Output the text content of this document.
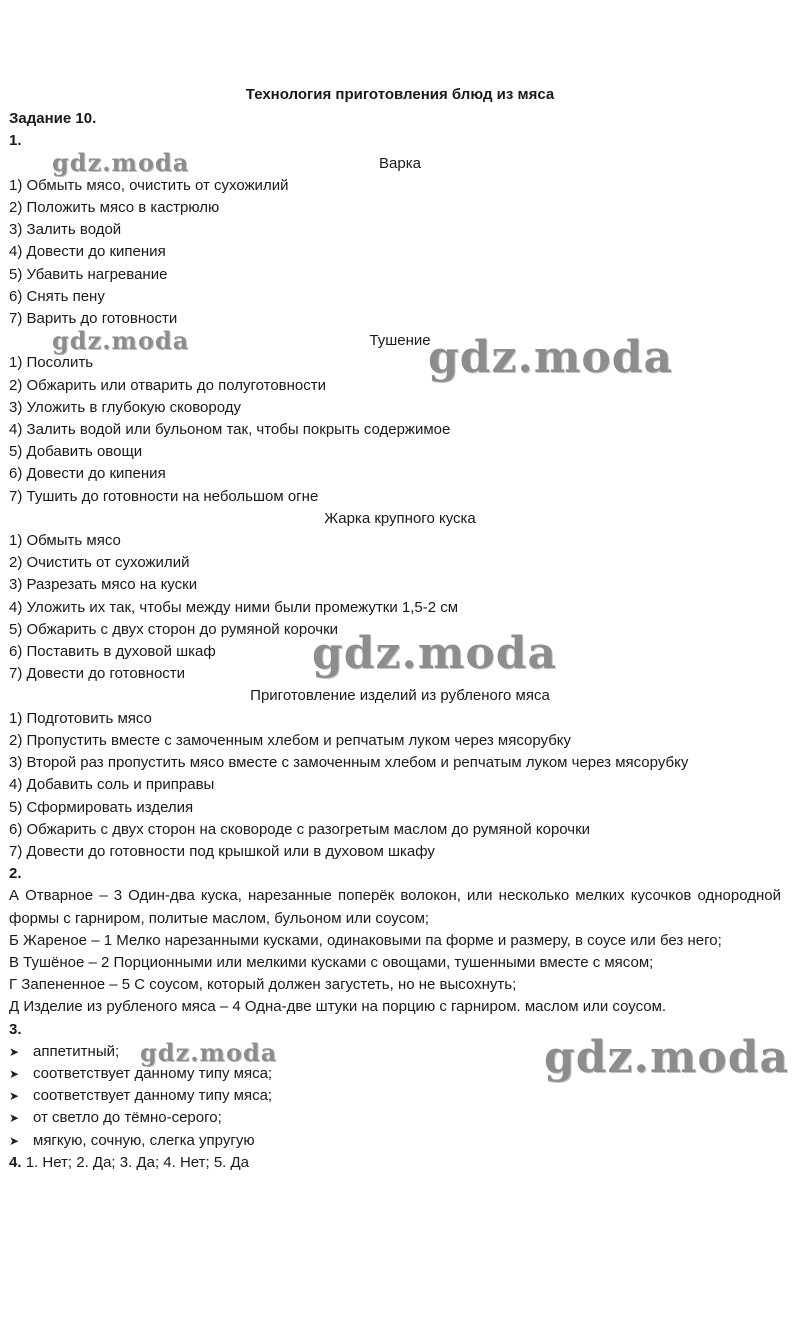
Технология приготовления блюд из мяса
Задание 10.
1.
Варка
1) Обмыть мясо, очистить от сухожилий
2) Положить мясо в кастрюлю
3) Залить водой
4) Довести до кипения
5) Убавить нагревание
6) Снять пену
7) Варить до готовности
Тушение
1) Посолить
2) Обжарить или отварить до полуготовности
3) Уложить в глубокую сковороду
4) Залить водой или бульоном так, чтобы покрыть содержимое
5) Добавить овощи
6) Довести до кипения
7) Тушить до готовности на небольшом огне
Жарка крупного куска
1) Обмыть мясо
2) Очистить от сухожилий
3) Разрезать мясо на куски
4) Уложить их так, чтобы между ними были промежутки 1,5-2 см
5) Обжарить с двух сторон до румяной корочки
6) Поставить в духовой шкаф
7) Довести до готовности
Приготовление изделий из рубленого мяса
1) Подготовить мясо
2) Пропустить вместе с замоченным хлебом и репчатым луком через мясорубку
3) Второй раз пропустить мясо вместе с замоченным хлебом и репчатым луком через мясорубку
4) Добавить соль и приправы
5) Сформировать изделия
6) Обжарить с двух сторон на сковороде с разогретым маслом до румяной корочки
7) Довести до готовности под крышкой или в духовом шкафу
2.
А Отварное – 3 Один-два куска, нарезанные поперёк волокон, или несколько мелких кусочков однородной формы с гарниром, политые маслом, бульоном или соусом;
Б Жареное – 1 Мелко нарезанными кусками, одинаковыми па форме и размеру, в соусе или без него;
В Тушёное – 2 Порционными или мелкими кусками с овощами, тушенными вместе с мясом;
Г Запененное – 5 С соусом, который должен загустеть, но не высохнуть;
Д Изделие из рубленого мяса – 4 Одна-две штуки на порцию с гарниром. маслом или соусом.
3.
➤ аппетитный;
➤ соответствует данному типу мяса;
➤ соответствует данному типу мяса;
➤ от светло до тёмно-серого;
➤ мягкую, сочную, слегка упругую
4. 1. Нет; 2. Да; 3. Да; 4. Нет; 5. Да
gdz.moda
gdz.moda	gdz.moda
gdz.moda
gdz.moda	gdz.moda
